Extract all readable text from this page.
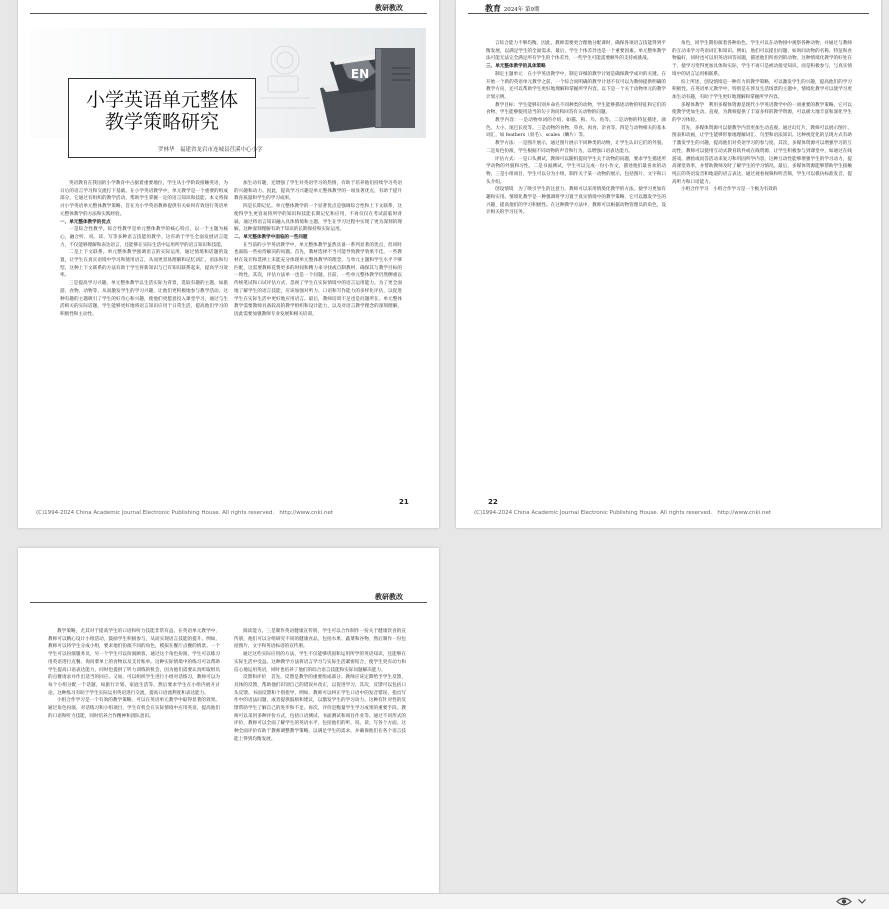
教研教改
EN
小学英语单元整体
教学策略研究
罗林华　福建省龙岩市连城县莒溪中心小学

英语教育在我国的小学教育中占据着重要地位，学生从小学阶段接触英语，为日后的语言学习和交流打下基础。在小学英语教学中，单元教学是一个重要的组成部分，它通过有组织的教学活动，帮助学生掌握一定的语言知识和技能。本文将探讨小学英语单元整体教学策略，旨在为小学英语教师提供有关如何有效进行英语单元整体教学的方法和实践经验。

一、单元整体教学的优点

一是综合性教学。综合性教学是单元整体教学的核心特点，以一个主题为核心，融合听、说、读、写等多种语言技能的教学。这有助于学生全面发展语言能力，不仅能够理解和表达语言，还能够在实际生活中运用所学的语言知识和技能。

二是上下文联系。单元整体教学强调语言的实际运用，通过情境和话题的设置，让学生在真实语境中学习和使用语言，从而更容易理解和记忆词汇、语法和句型。这种上下文联系的方法有助于学生将新知识与已有知识联系起来，提高学习效率。

三是提高学习兴趣。单元整体教学以生活实际为背景，选取有趣的主题，如旅游、食物、动物等，从而激发学生的学习兴趣，让他们更积极地参与教学活动。这种有趣的主题吸引了学生的好奇心和兴趣，使他们更愿意投入课堂学习，通过与生活相关的实际话题，学生能够更好地将语言知识应用于日常生活，提高他们学习的积极性和主动性。

加生动有趣，还增强了学生对英语学习的热情，有助于培养他们持续学习英语的兴趣和动力。因此，提高学习兴趣是单元整体教学的一项显著优点，有助于提升教育质量和学生的学习成果。

四是长期记忆。单元整体教学的一个显著优点是强调综合性和上下文联系，这使得学生更容易将所学的知识和技能长期记忆和应用，不再仅仅在考试前临时背诵。通过将语言知识融入具体情境和主题，学生在学习过程中实现了更为深刻的理解，这种深刻理解有助于知识的长期保持和实际运用。

二、单元整体教学中面临的一些问题

在当前的小学英语教学中，单元整体教学虽然具备一系列显著的优点，但同时也面临一些亟待解决的问题。首先，教材选择不当可能导致教学效果不佳。一些教材在设计和选择上未能充分体现单元整体教学的理念，与单元主题和学生水平不够匹配，这需要教师花费更多的时间和精力来寻找或自制教材，确保其与教学目标的一致性。其次，评估方法单一也是一个问题。目前，一些单元整体教学仍然侧重以传统笔试和口试评估方式，忽视了学生在实际情境中的语言运用能力。为了更全面地了解学生的语言技能，应该加强对听力、口语和写作能力的多样化评估，以促进学生在实际生活中更好地应用语言。最后，教师培训不足也是问题所在。单元整体教学需要教师具备较高的教学组织和设计能力，以及对语言教学理念的深刻理解，因此需要加强教师专业发展和相关培训。

21
(C)1994-2024 China Academic Journal Electronic Publishing House. All rights reserved. http://www.cnki.net
教育 2024年 第9期

言综合能力不够均衡。因此，教师需要更合理地分配课时，确保各项语言技能得到平衡发展，以满足学生的全面需求。最后，学生个体差异也是一个重要因素。单元整体教学法可能无法完全满足所有学生的个体差异，一些学生可能需要额外的支持或挑战。

三、单元整体教学的具体策略

制定主题单元　在小学英语教学中，制定详细的教学计划是确保教学成功的关键。在开始一个新的英语单元教学之前，一个综合而明确的教学计划不仅可以为教师提供明确的教学方向，还可以帮助学生更好地理解和掌握所学内容。以下是一个关于动物单元的教学计划示例。

教学目标：学生能够识别并命名不同种类的动物，学生能够描述动物的特征和它们的食物，学生能够使用适当的句子询问和回答有关动物的问题。

教学内容：一是动物单词的介绍，如猫、狗、鸟、鱼等。二是动物的特征描述，颜色、大小、尾巴长度等。三是动物的食物，草食、肉食、杂食等。四是与动物相关的基本词汇，如 feathers（羽毛）、scales（鳞片）等。

教学方法：一是图片展示，通过图片展示不同种类的动物，让学生认识它们的外貌。二是角色扮演，学生根据不同动物的声音和行为，以增强口语表达能力。

评估方式：一是口头测试，教师可以随机提问学生关于动物的问题，要求学生描述所学动物的外貌和习性。二是书面测试，学生可以完成一份小作文，描述他们最喜欢的动物。三是小组项目，学生可以分为小组，制作关于某一动物的展示，包括图片、文字和口头介绍。

创设情境　为了吸引学生的注意力，教师可以采用情境化教学的方法，使学习更加有趣和实用。情境化教学是一种强调将学习置于真实情境中的教学策略，它可以激发学生的兴趣，提高他们的学习积极性。在这种教学方法中，教师可以根据动物管理员的角色，设计相关的学习任务。

角色，同学生期扮演着各种角色。学生可以在动物园中观察各种动物，并通过与教师的互动来学习英语词汇和知识。例如，他们可以提出问题，如询问动物的名称、特征和食物偏好，同时也可以用英语回答问题，描述他们所看到的动物。这种情境化教学的好处在于，使学习变得更加具体和实际，学生不再只是被动接受知识，而是积极参与，与真实情境中的语言运用相联系。

综上所述，创设情境是一种有力的教学策略，可以激发学生的兴趣，提高他们的学习积极性。在英语单元教学中，特别是在涉及生活场景的主题中，情境化教学可以使学习更加生动有趣，有助于学生更好地理解和掌握所学内容。

多媒体教学　利用多媒体资源是现代小学英语教学中的一项重要的教学策略。它可以使教学更加生动、直观，为教师提供了丰富多样的教学资源，可以极大地丰富和深化学生的学习体验。

首先，多媒体资源可以使教学内容更加生动直观。通过幻灯片，教师可以展示图片、图表和动画，让学生能够形象地理解词汇、句型和语法知识。这种视觉化的呈现方式有助于激发学生的兴趣，提高他们对英语学习的参与度。其次，多媒体资源可以增强学习的互动性，教师可以使用互动式教育软件或在线资源，让学生积极参与到课堂中，如通过在线游戏、测验或问答活动来复习和巩固所学内容，这种互动性能够增强学生的学习动力，提高课堂效率，并帮助教师及时了解学生的学习情况。最后，多媒体资源能够帮助学生接触纯正的英语发音和地道的语言表达，通过观看视频和听音频，学生可以模仿标准发音，提高听力和口语能力。

小组合作学习　小组合作学习是一个极为有效的

22
(C)1994-2024 China Academic Journal Electronic Publishing House. All rights reserved. http://www.cnki.net
教研教改

教学策略，尤其对于提高学生的口语和听力技能非常有益。在英语单元教学中，教师可以精心设计小组活动，鼓励学生积极参与，从而实现语言技能的提升。例如，教师可以将学生分成小组，要求他们扮演不同的角色，模拟在餐厅点餐的情景。一个学生可以扮演服务员，另一个学生可以扮演顾客，通过这个角色扮演，学生可以练习用英语进行点餐、询问菜单上的食物以及支付账单。这种实际情境中的练习可以帮助学生提高口语表达能力，同时也提供了听力训练的机会，因为他们需要认真听取组员的点餐请求并作出适当的回应。又如，可以组织学生进行小组对话练习，教师可以为每个小组分配一个话题，如旅行计划、家庭生活等，然后要求学生在小组内展开讨论。这种练习有助于学生实际运用英语进行交流，提高口语流利度和表达能力。

小组合作学习是一个有效的教学策略，可以在英语单元教学中取得显著的效果。通过角色扮演、对话练习和小组项目，学生有机会在实际情境中应用英语，提高他们的口语和听力技能，同时培养合作精神和团队意识。

阅读能力。三是制作英语健康宣传册，学生可以合作制作一份关于健康饮食的宣传册，他们可以分组研究不同的健康食品，包括水果、蔬菜和谷物，然后制作一份包括图片、文字和英语标语的宣传册。

通过这些实际应用的方法，学生不仅能够巩固和运用所学的英语知识，还能够在实际生活中受益。这种教学方法将语言学习与实际生活紧密结合，使学生更有动力和信心地运用英语，同时也培养了他们的综合语言技能和实际问题解决能力。

反馈和评价　首先，反馈是教学的重要组成部分。教师应该定期给予学生反馈，具体的反馈，帮助他们识别自己的错误并改正，以促进学习。其次，反馈可以包括口头反馈、书面反馈和个别指导，例如，教师可以纠正学生口语中的发音错误，指出写作中的语法问题，或者提供鼓励和建议，以激发学生的学习动力。这种有针对性的反馈帮助学生了解自己的进步和不足。再次，评价是衡量学生学习成果的重要手段。教师可以采用多种评价方式，包括口语测试、书面测试和项目作业等。通过不同形式的评价，教师可以全面了解学生的英语水平，包括他们的听、说、读、写各个方面。这种全面评价有助于教师调整教学策略，以满足学生的需求，并确保他们在各个语言技能上得到均衡发展。
